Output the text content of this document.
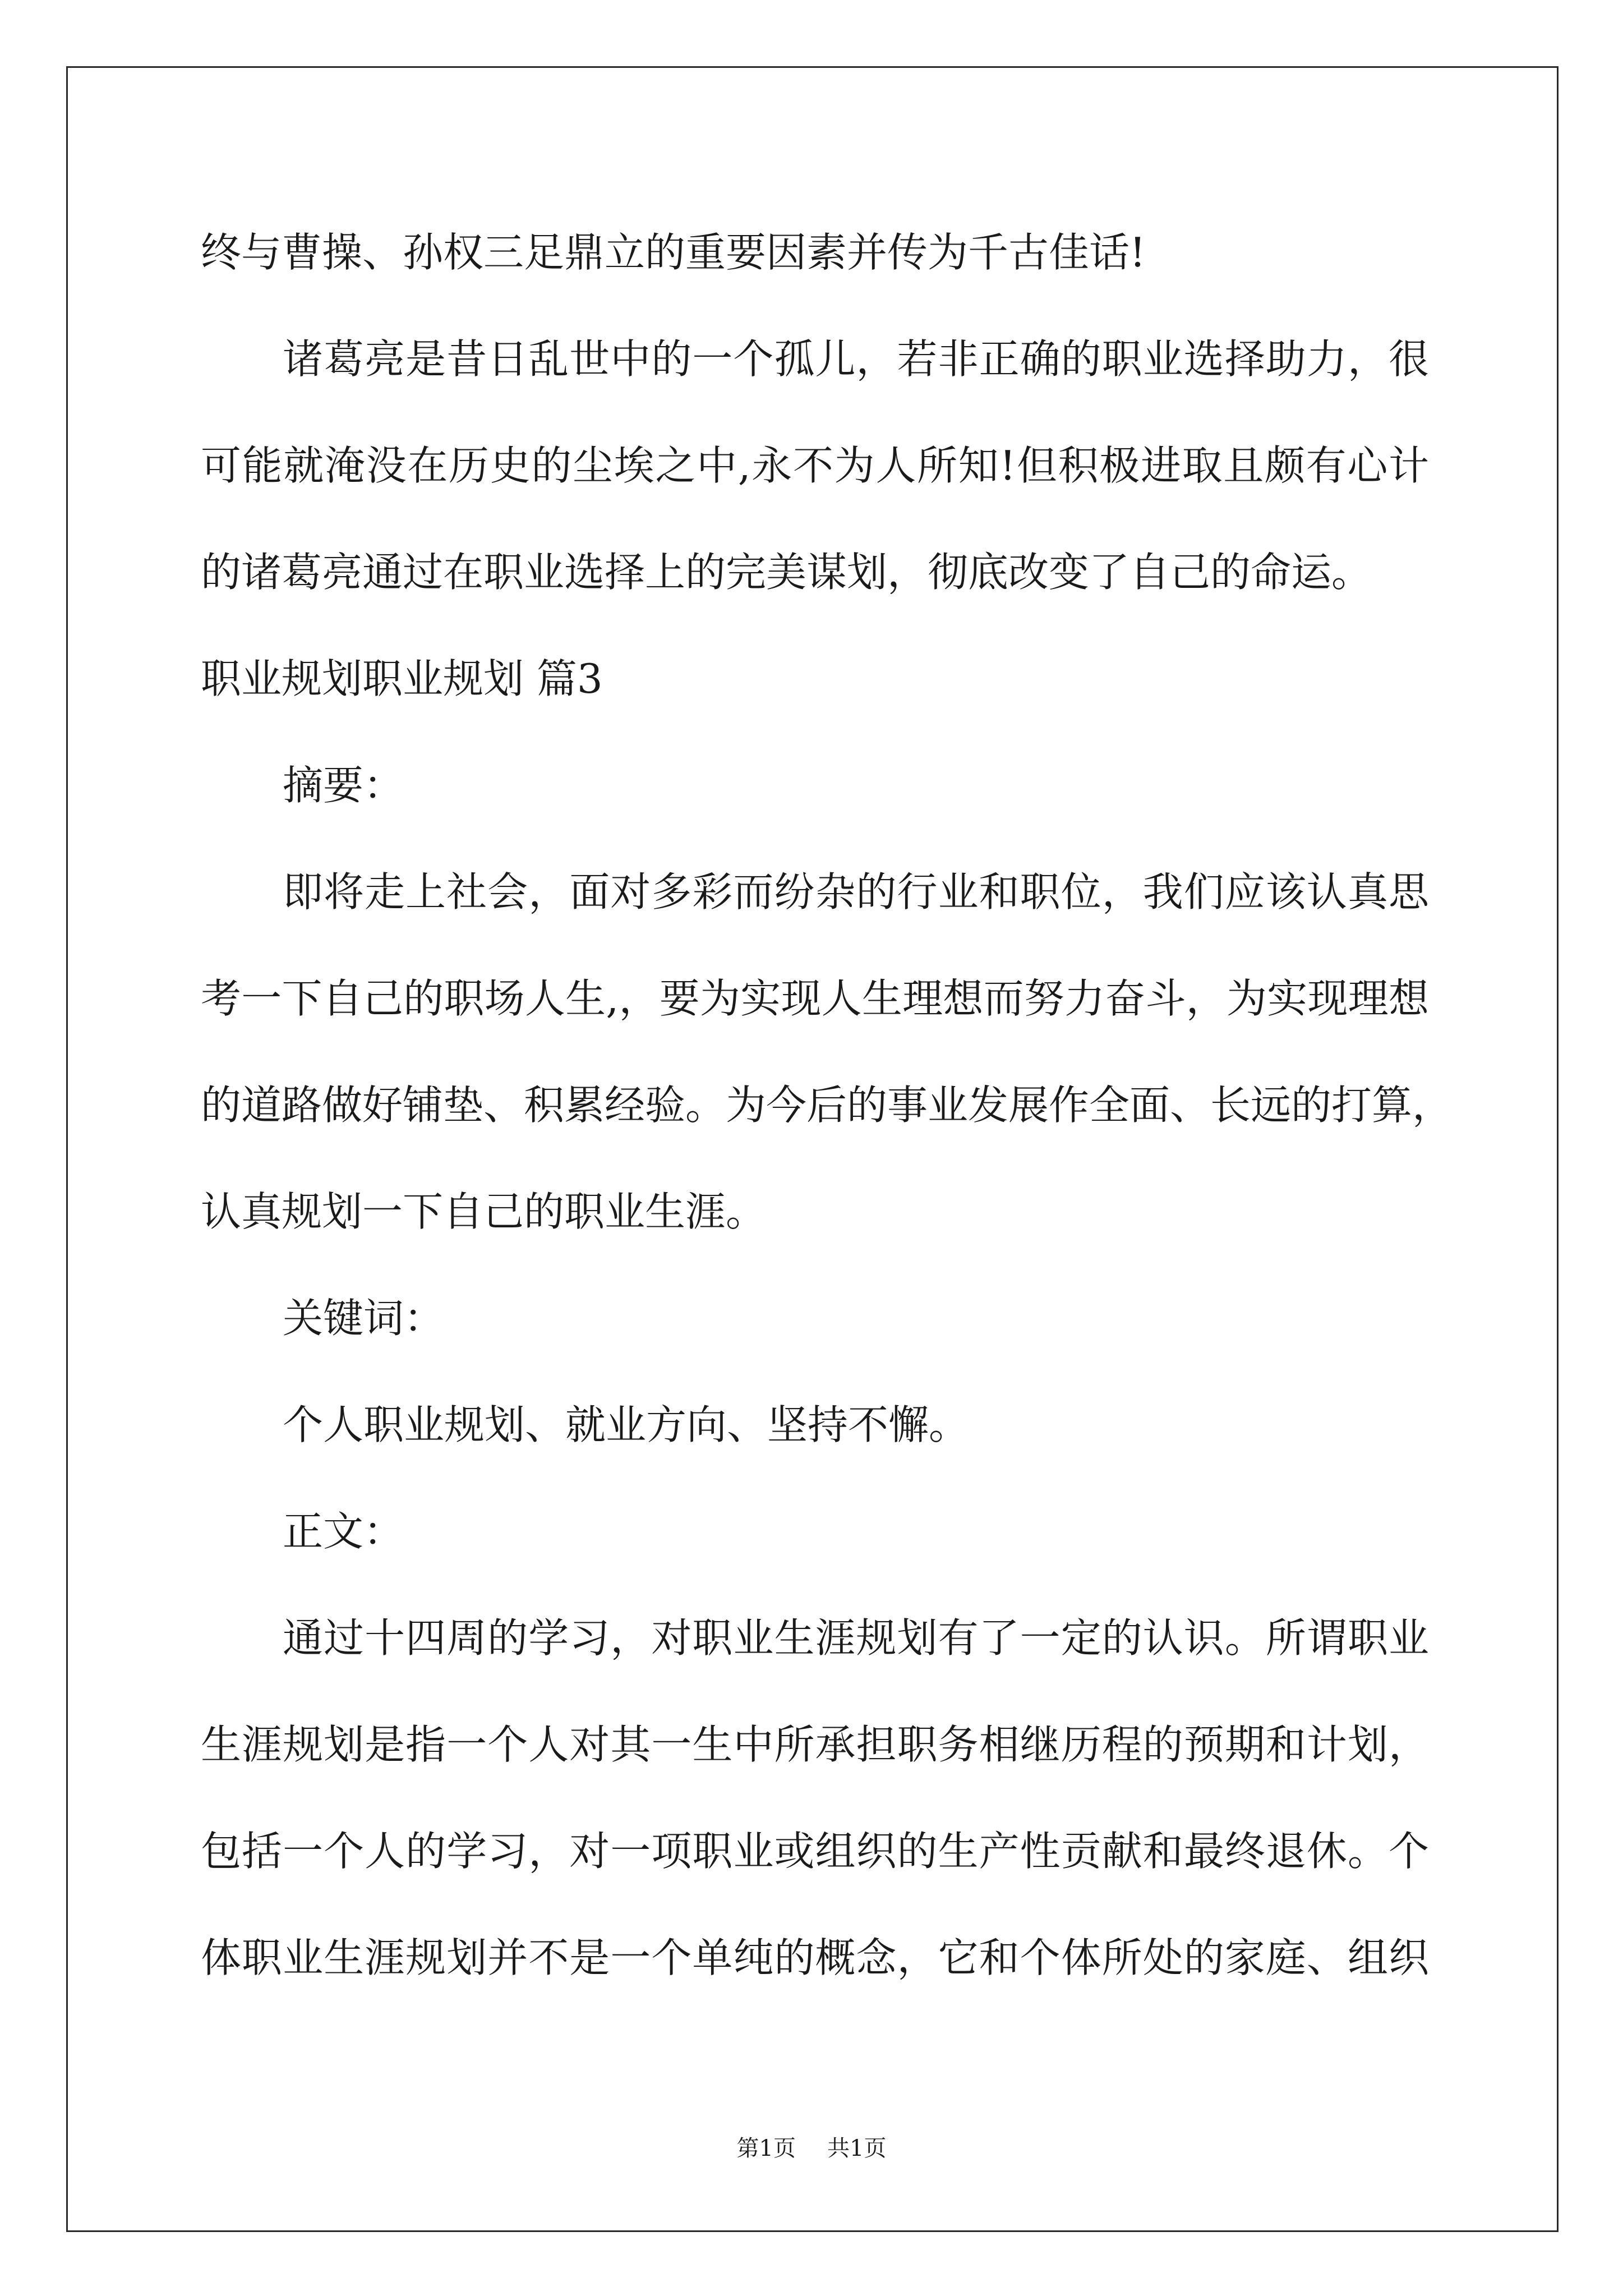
终与曹操、孙权三足鼎立的重要因素并传为千古佳话!
诸葛亮是昔日乱世中的一个孤儿，若非正确的职业选择助力，很
可能就淹没在历史的尘埃之中,永不为人所知!但积极进取且颇有心计
的诸葛亮通过在职业选择上的完美谋划，彻底改变了自己的命运。
职业规划职业规划 篇3
摘要：
即将走上社会，面对多彩而纷杂的行业和职位，我们应该认真思
考一下自己的职场人生,，要为实现人生理想而努力奋斗，为实现理想
的道路做好铺垫、积累经验。为今后的事业发展作全面、长远的打算，
认真规划一下自己的职业生涯。
关键词：
个人职业规划、就业方向、坚持不懈。
正文：
通过十四周的学习，对职业生涯规划有了一定的认识。所谓职业
生涯规划是指一个人对其一生中所承担职务相继历程的预期和计划，
包括一个人的学习，对一项职业或组织的生产性贡献和最终退休。个
体职业生涯规划并不是一个单纯的概念，它和个体所处的家庭、组织
第1页 共1页
